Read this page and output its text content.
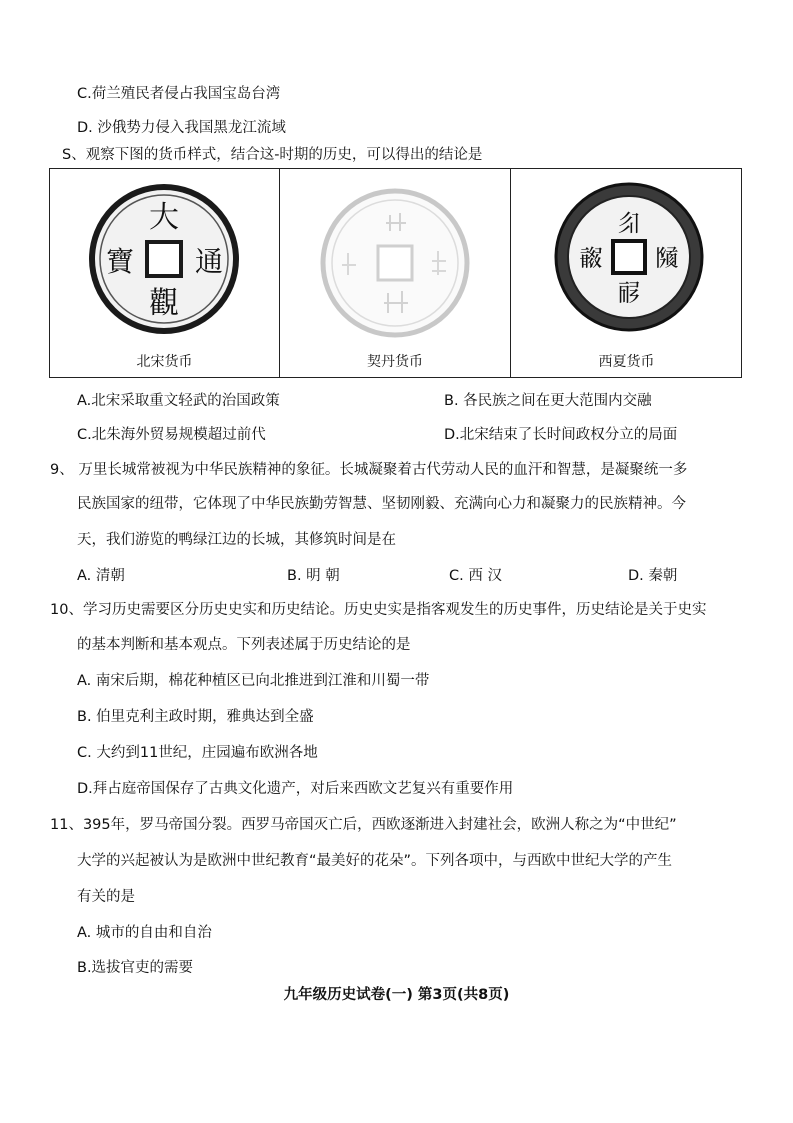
C.荷兰殖民者侵占我国宝岛台湾
D. 沙俄势力侵入我国黑龙江流域
S、观察下图的货币样式，结合这-时期的历史，可以得出的结论是
大
觀
通
寶
北宋货币	契丹货币
𗼃
𗟲
𗂧
𘓧
西夏货币
A.北宋采取重文轻武的治国政策	B. 各民族之间在更大范围内交融
C.北朱海外贸易规模超过前代	D.北宋结束了长时间政权分立的局面
9、 万里长城常被视为中华民族精神的象征。长城凝聚着古代劳动人民的血汗和智慧，是凝聚统一多
民族国家的纽带，它体现了中华民族勤劳智慧、坚韧刚毅、充满向心力和凝聚力的民族精神。今
天，我们游览的鸭绿江边的长城，其修筑时间是在
A. 清朝	B. 明 朝	C. 西 汉	D. 秦朝
10、学习历史需要区分历史史实和历史结论。历史史实是指客观发生的历史事件，历史结论是关于史实
的基本判断和基本观点。下列表述属于历史结论的是
A. 南宋后期，棉花种植区已向北推进到江淮和川蜀一带
B. 伯里克利主政时期，雅典达到全盛
C. 大约到11世纪，庄园遍布欧洲各地
D.拜占庭帝国保存了古典文化遗产，对后来西欧文艺复兴有重要作用
11、395年，罗马帝国分裂。西罗马帝国灭亡后，西欧逐渐进入封建社会，欧洲人称之为“中世纪”
大学的兴起被认为是欧洲中世纪教育“最美好的花朵”。下列各项中，与西欧中世纪大学的产生
有关的是
A. 城市的自由和自治
B.选拔官吏的需要
九年级历史试卷(一) 第3页(共8页)
